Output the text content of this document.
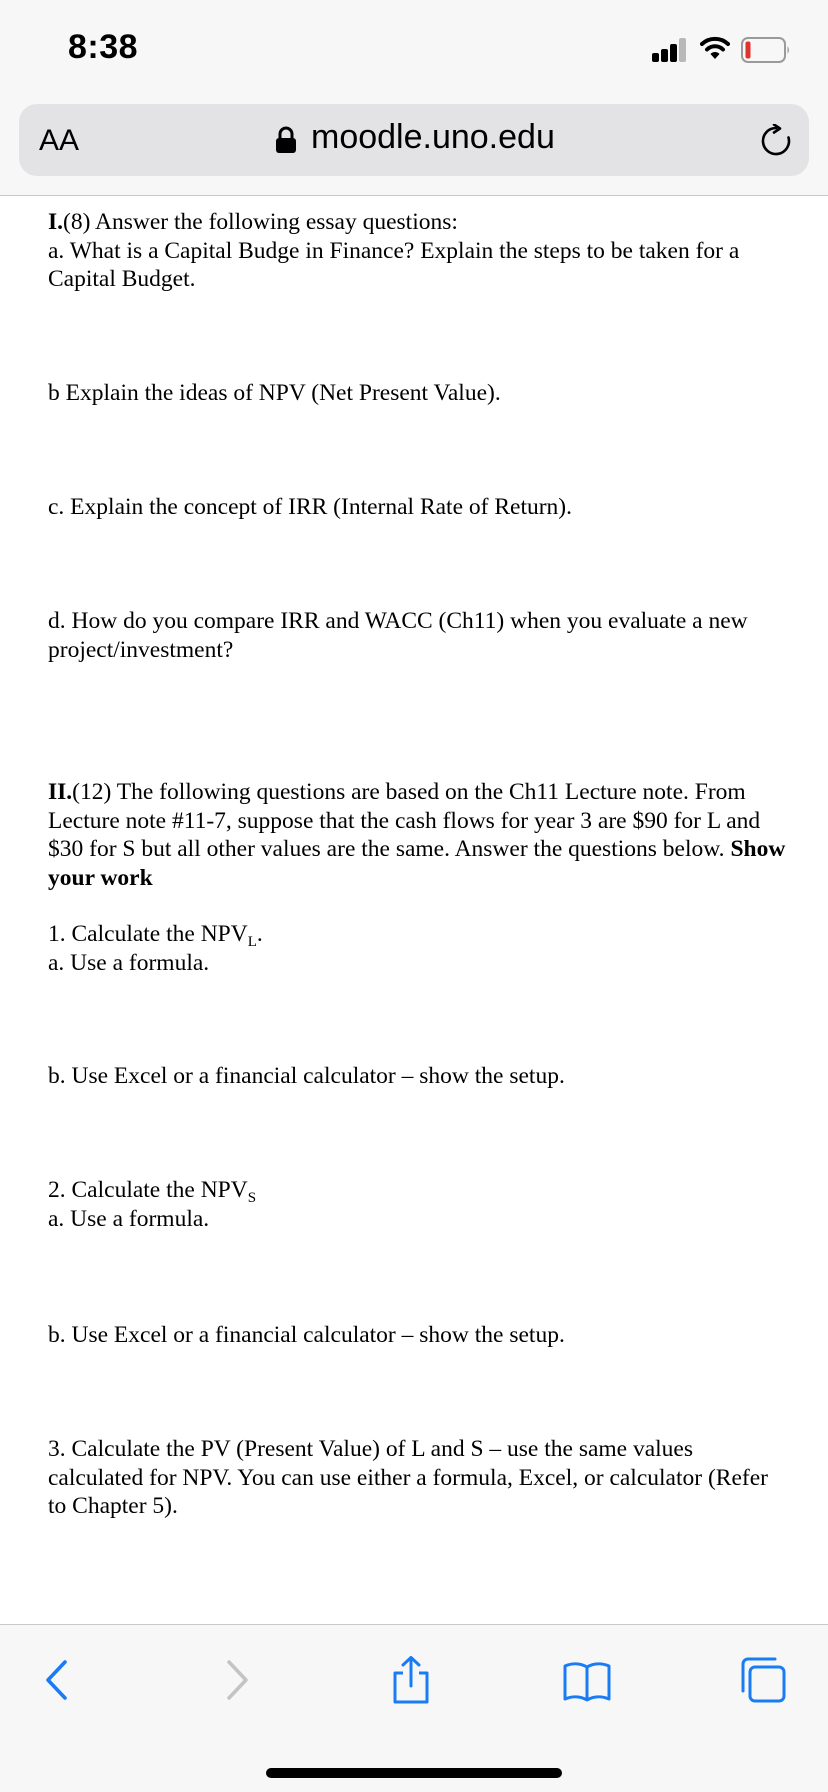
8:38
AA	moodle.uno.edu

I.(8) Answer the following essay questions:

a. What is a Capital Budge in Finance? Explain the steps to be taken for a Capital Budget.

b Explain the ideas of NPV (Net Present Value).
c. Explain the concept of IRR (Internal Rate of Return).
d. How do you compare IRR and WACC (Ch11) when you evaluate a new project/investment?

II.(12) The following questions are based on the Ch11 Lecture note. From Lecture note #11-7, suppose that the cash flows for year 3 are $90 for L and $30 for S but all other values are the same. Answer the questions below. Show your work

1. Calculate the $NPV_L$.

a. Use a formula.

b. Use Excel or a financial calculator – show the setup.

2. Calculate the $NPV_S$

a. Use a formula.

b. Use Excel or a financial calculator – show the setup.
3. Calculate the PV (Present Value) of L and S – use the same values calculated for NPV. You can use either a formula, Excel, or calculator (Refer to Chapter 5).
